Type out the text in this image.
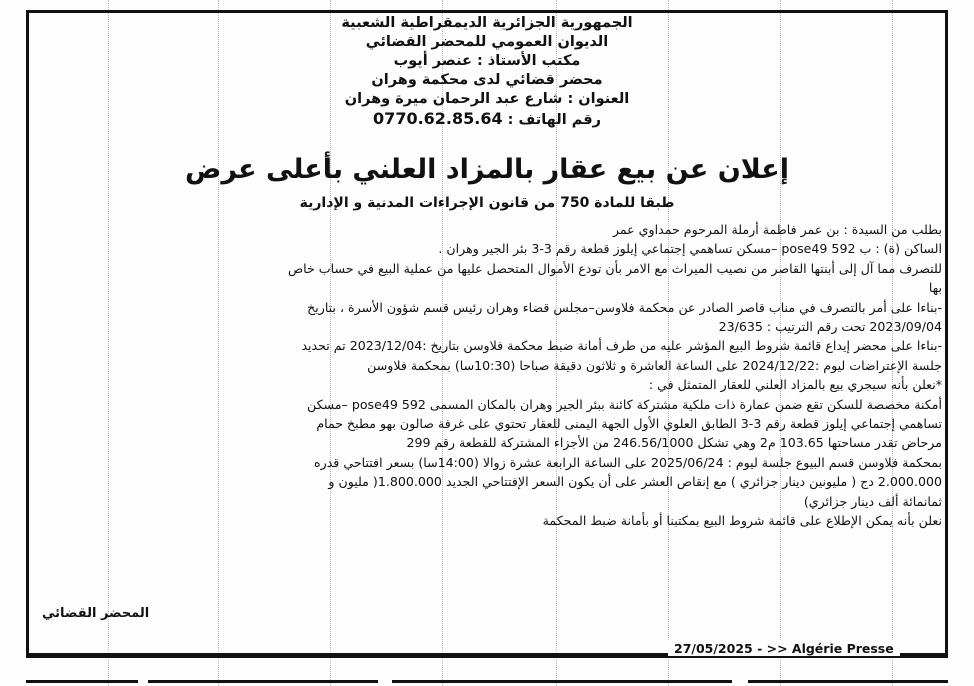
الجمهورية الجزائرية الديمقراطية الشعبية
الديوان العمومي للمحضر القضائي
مكتب الأستاذ : عنصر أيوب
محضر قضائي لدى محكمة وهران
العنوان : شارع عبد الرحمان ميرة وهران
رقم الهاتف : 0770.62.85.64
إعلان عن بيع عقار بالمزاد العلني بأعلى عرض
طبقا للمادة 750 من قانون الإجراءات المدنية و الإدارية

بطلب من السيدة : بن عمر فاطمة أرملة المرحوم حمداوي عمر

الساكن (ة) : ب pose49 592 –مسكن تساهمي إجتماعي إيلوز قطعة رقم 3-3 بئر الجير وهران .

للتصرف مما آل إلى أبنتها القاصر من نصيب الميراث مع الامر بأن تودع الأموال المتحصل عليها من عملية البيع في حساب خاص

بها

-بناءا على أمر بالتصرف في مناب قاصر الصادر عن محكمة فلاوسن–مجلس قضاء وهران رئيس قسم شؤون الأسرة ، بتاريخ

2023/09/04 تحت رقم الترتيب : 23/635

-بناءا على محضر إيداع قائمة شروط البيع المؤشر عليه من طرف أمانة ضبط محكمة فلاوسن بتاريخ :2023/12/04 تم تحديد

جلسة الإعتراضات ليوم :2024/12/22 على الساعة العاشرة و ثلاثون دقيقة صباحا (10:30سا) بمحكمة فلاوسن

*نعلن بأنه سيجري بيع بالمزاد العلني للعقار المتمثل في :

أمكنة مخصصة للسكن تقع ضمن عمارة ذات ملكية مشتركة كائنة ببئر الجير وهران بالمكان المسمى pose49 592 –مسكن

تساهمي إجتماعي إيلوز قطعة رقم 3-3 الطابق العلوي الأول الجهة اليمنى للعقار تحتوي على غرفة صالون بهو مطبخ حمام

مرحاض تقدر مساحتها 103.65 م2 وهي تشكل 246.56/1000 من الأجزاء المشتركة للقطعة رقم 299

بمحكمة فلاوسن قسم البيوع جلسة ليوم : 2025/06/24 على الساعة الرابعة عشرة زوالا (14:00سا) بسعر افتتاحي قدره

2.000.000 دج ( مليونين دينار جزائري ) مع إنقاص العشر على أن يكون السعر الإفتتاحي الجديد 1.800.000( مليون و

ثمانمائة ألف دينار جزائري)

نعلن بأنه يمكن الإطلاع على قائمة شروط البيع بمكتبنا أو بأمانة ضبط المحكمة

المحضر القضائي
27/05/2025 - >> Algérie Presse
